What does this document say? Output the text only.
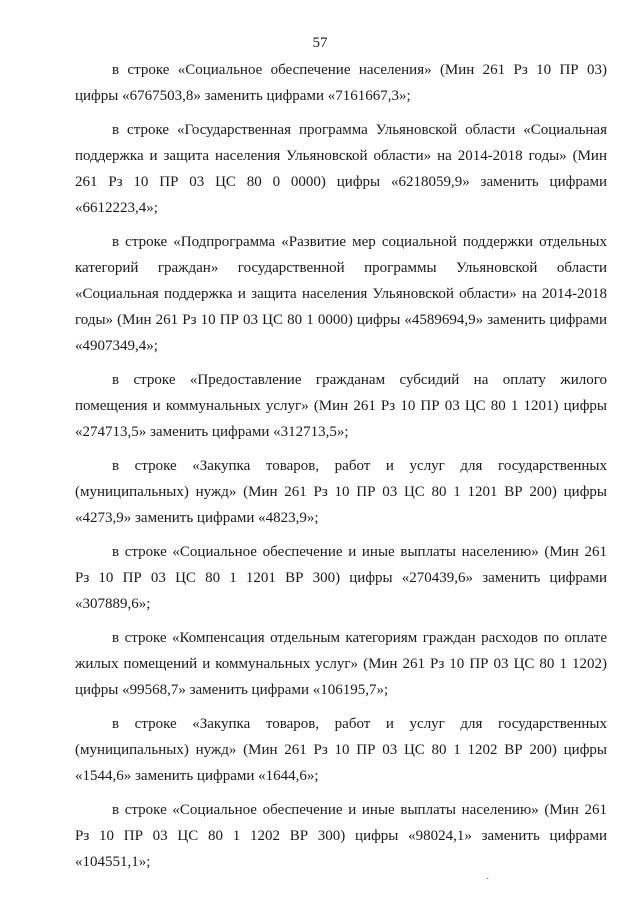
57

в строке «Социальное обеспечение населения» (Мин 261 Рз 10 ПР 03) цифры «6767503,8» заменить цифрами «7161667,3»;

в строке «Государственная программа Ульяновской области «Социальная поддержка и защита населения Ульяновской области» на 2014-2018 годы» (Мин 261 Рз 10 ПР 03 ЦС 80 0 0000) цифры «6218059,9» заменить цифрами «6612223,4»;

в строке «Подпрограмма «Развитие мер социальной поддержки отдельных категорий граждан» государственной программы Ульяновской области «Социальная поддержка и защита населения Ульяновской области» на 2014-2018 годы» (Мин 261 Рз 10 ПР 03 ЦС 80 1 0000) цифры «4589694,9» заменить цифрами «4907349,4»;

в строке «Предоставление гражданам субсидий на оплату жилого помещения и коммунальных услуг» (Мин 261 Рз 10 ПР 03 ЦС 80 1 1201) цифры «274713,5» заменить цифрами «312713,5»;

в строке «Закупка товаров, работ и услуг для государственных (муниципальных) нужд» (Мин 261 Рз 10 ПР 03 ЦС 80 1 1201 ВР 200) цифры «4273,9» заменить цифрами «4823,9»;

в строке «Социальное обеспечение и иные выплаты населению» (Мин 261 Рз 10 ПР 03 ЦС 80 1 1201 ВР 300) цифры «270439,6» заменить цифрами «307889,6»;

в строке «Компенсация отдельным категориям граждан расходов по оплате жилых помещений и коммунальных услуг» (Мин 261 Рз 10 ПР 03 ЦС 80 1 1202) цифры «99568,7» заменить цифрами «106195,7»;

в строке «Закупка товаров, работ и услуг для государственных (муниципальных) нужд» (Мин 261 Рз 10 ПР 03 ЦС 80 1 1202 ВР 200) цифры «1544,6» заменить цифрами «1644,6»;

в строке «Социальное обеспечение и иные выплаты населению» (Мин 261 Рз 10 ПР 03 ЦС 80 1 1202 ВР 300) цифры «98024,1» заменить цифрами «104551,1»;

·
